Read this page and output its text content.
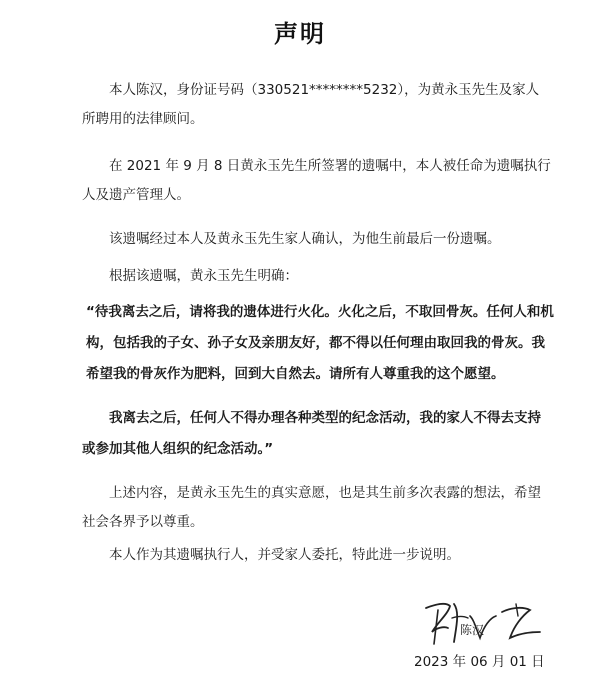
声明

本人陈汉，身份证号码（330521********5232），为黄永玉先生及家人所聘用的法律顾问。

在 2021 年 9 月 8 日黄永玉先生所签署的遗嘱中，本人被任命为遗嘱执行人及遗产管理人。

该遗嘱经过本人及黄永玉先生家人确认，为他生前最后一份遗嘱。

根据该遗嘱，黄永玉先生明确：

“待我离去之后，请将我的遗体进行火化。火化之后，不取回骨灰。任何人和机构，包括我的子女、孙子女及亲朋友好，都不得以任何理由取回我的骨灰。我希望我的骨灰作为肥料，回到大自然去。请所有人尊重我的这个愿望。

我离去之后，任何人不得办理各种类型的纪念活动，我的家人不得去支持或参加其他人组织的纪念活动。”

上述内容，是黄永玉先生的真实意愿，也是其生前多次表露的想法，希望社会各界予以尊重。

本人作为其遗嘱执行人，并受家人委托，特此进一步说明。

陈汉
2023 年 06 月 01 日
